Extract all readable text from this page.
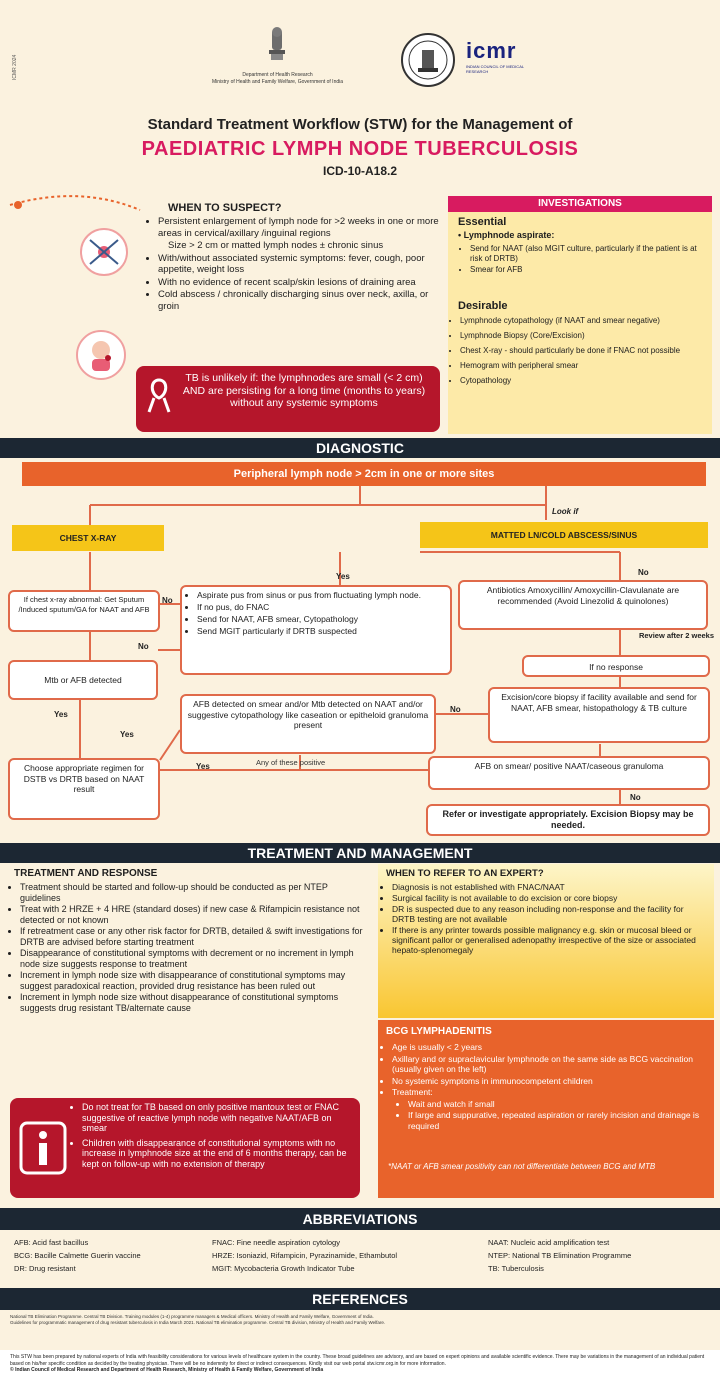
ICMR 2024	Department of Health Research
Ministry of Health and Family Welfare, Government of India
icmr
INDIAN COUNCIL OF MEDICAL RESEARCH
Standard Treatment Workflow (STW) for the Management of
PAEDIATRIC LYMPH NODE TUBERCULOSIS
ICD-10-A18.2
WHEN TO SUSPECT?
• Persistent enlargement of lymph node for >2 weeks in one or more areas in cervical/axillary /inguinal regions
Size > 2 cm or matted lymph nodes ± chronic sinus
• With/without associated systemic symptoms: fever, cough, poor appetite, weight loss
• With no evidence of recent scalp/skin lesions of draining area
• Cold abscess / chronically discharging sinus over neck, axilla, or groin
TB is unlikely if: the lymphnodes are small (< 2 cm) AND are persisting for a long time (months to years) without any systemic symptoms
INVESTIGATIONS
Essential
• Lymphnode aspirate:
• Send for NAAT (also MGIT culture, particularly if the patient is at risk of DRTB)
• Smear for AFB
Desirable
• Lymphnode cytopathology (if NAAT and smear negative)
• Lymphnode Biopsy (Core/Excision)
• Chest X-ray - should particularly be done if FNAC not possible
• Hemogram with peripheral smear
• Cytopathology
DIAGNOSTIC
Peripheral lymph node > 2cm in one or more sites
Look if
CHEST X-RAY	MATTED LN/COLD ABSCESS/SINUS
Yes	No
No
No
Yes
Yes
No
Yes
No
If chest x-ray abnormal: Get Sputum /Induced sputum/GA for NAAT and AFB
• Aspirate pus from sinus or pus from fluctuating lymph node.
• If no pus, do FNAC
• Send for NAAT, AFB smear, Cytopathology
• Send MGIT particularly if DRTB suspected
Antibiotics Amoxycillin/ Amoxycillin-Clavulanate are recommended (Avoid Linezolid & quinolones)
Review after 2 weeks
If no response
Mtb or AFB detected
AFB detected on smear and/or Mtb detected on NAAT and/or suggestive cytopathology like caseation or epitheloid granuloma present
Excision/core biopsy if facility available and send for NAAT, AFB smear, histopathology & TB culture
Any of these positive
Choose appropriate regimen for DSTB vs DRTB based on NAAT result
AFB on smear/ positive NAAT/caseous granuloma
Refer or investigate appropriately. Excision Biopsy may be needed.
TREATMENT AND MANAGEMENT
TREATMENT AND RESPONSE
• Treatment should be started and follow-up should be conducted as per NTEP guidelines
• Treat with 2 HRZE + 4 HRE (standard doses) if new case & Rifampicin resistance not detected or not known
• If retreatment case or any other risk factor for DRTB, detailed & swift investigations for DRTB are advised before starting treatment
• Disappearance of constitutional symptoms with decrement or no increment in lymph node size suggests response to treatment
• Increment in lymph node size with disappearance of constitutional symptoms may suggest paradoxical reaction, provided drug resistance has been ruled out
• Increment in lymph node size without disappearance of constitutional symptoms suggests drug resistant TB/alternate cause
• Do not treat for TB based on only positive mantoux test or FNAC suggestive of reactive lymph node with negative NAAT/AFB on smear
• Children with disappearance of constitutional symptoms with no increase in lymphnode size at the end of 6 months therapy, can be kept on follow-up with no extension of therapy
WHEN TO REFER TO AN EXPERT?
• Diagnosis is not established with FNAC/NAAT
• Surgical facility is not available to do excision or core biopsy
• DR is suspected due to any reason including non-response and the facility for DRTB testing are not available
• If there is any printer towards possible malignancy e.g. skin or mucosal bleed or significant pallor or generalised adenopathy irrespective of the size or associated hepato-splenomegaly
BCG LYMPHADENITIS
• Age is usually < 2 years
• Axillary and or supraclavicular lymphnode on the same side as BCG vaccination (usually given on the left)
• No systemic symptoms in immunocompetent children
• Treatment:
• Wait and watch if small
• If large and suppurative, repeated aspiration or rarely incision and drainage is required
*NAAT or AFB smear positivity can not differentiate between BCG and MTB
ABBREVIATIONS
AFB: Acid fast bacillus
BCG: Bacille Calmette Guerin vaccine
DR: Drug resistant
FNAC: Fine needle aspiration cytology
HRZE: Isoniazid, Rifampicin, Pyrazinamide, Ethambutol
MGIT: Mycobacteria Growth Indicator Tube
NAAT: Nucleic acid amplification test
NTEP: National TB Elimination Programme
TB: Tuberculosis
REFERENCES
National TB Elimination Programme. Central TB Division. Training modules (1-4) programme managers & Medical officers. Ministry of Health and Family Welfare, Government of India.
Guidelines for programmatic management of drug resistant tuberculosis in India March 2021. National TB elimination programme. Central TB division, Ministry of Health and Family Welfare.
This STW has been prepared by national experts of India with feasibility considerations for various levels of healthcare system in the country. These broad guidelines are advisory, and are based on expert opinions and available scientific evidence. There may be variations in the management of an individual patient based on his/her specific condition as decided by the treating physician. There will be no indemnity for direct or indirect consequences. Kindly visit our web portal stw.icmr.org.in for more information.
© Indian Council of Medical Research and Department of Health Research, Ministry of Health & Family Welfare, Government of India
